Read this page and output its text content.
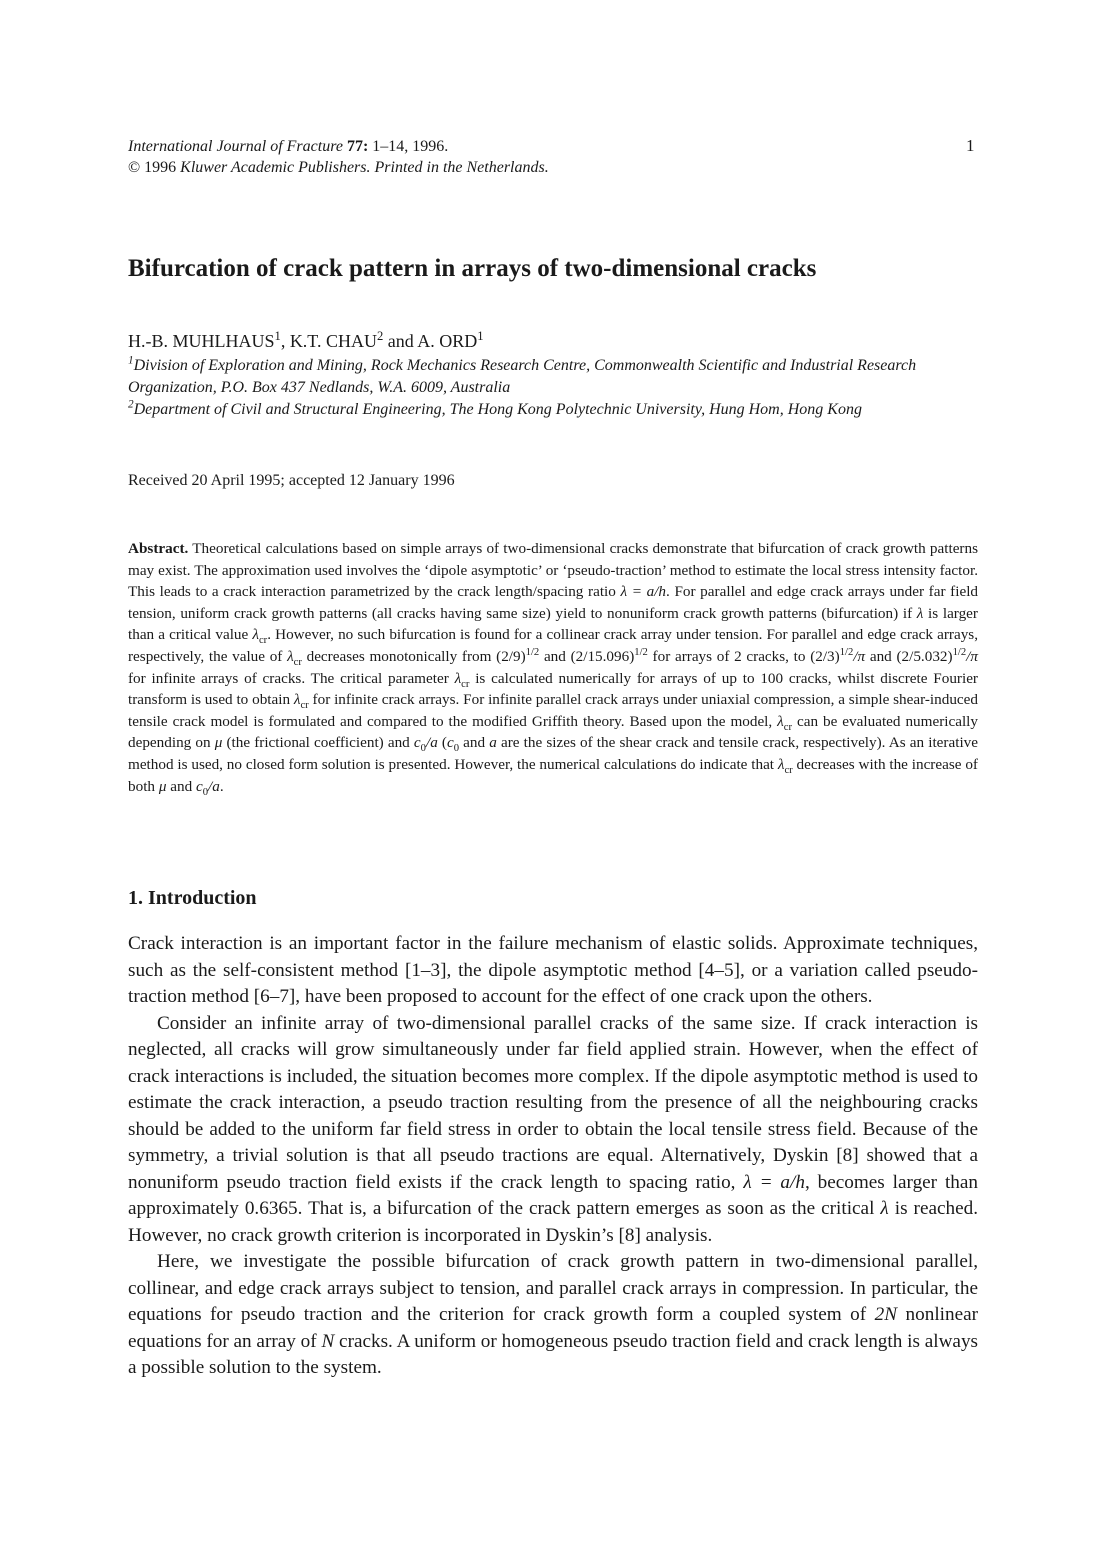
International Journal of Fracture 77: 1–14, 1996.
© 1996 Kluwer Academic Publishers. Printed in the Netherlands.
1
Bifurcation of crack pattern in arrays of two-dimensional cracks
H.-B. MUHLHAUS$^1$, K.T. CHAU$^2$ and A. ORD$^1$

$^1$Division of Exploration and Mining, Rock Mechanics Research Centre, Commonwealth Scientific and Industrial Research Organization, P.O. Box 437 Nedlands, W.A. 6009, Australia

$^2$Department of Civil and Structural Engineering, The Hong Kong Polytechnic University, Hung Hom, Hong Kong

Received 20 April 1995; accepted 12 January 1996

Abstract. Theoretical calculations based on simple arrays of two-dimensional cracks demonstrate that bifurcation of crack growth patterns may exist. The approximation used involves the ‘dipole asymptotic’ or ‘pseudo-traction’ method to estimate the local stress intensity factor. This leads to a crack interaction parametrized by the crack length/spacing ratio λ = a/h. For parallel and edge crack arrays under far field tension, uniform crack growth patterns (all cracks having same size) yield to nonuniform crack growth patterns (bifurcation) if λ is larger than a critical value $\lambda_{cr}$. However, no such bifurcation is found for a collinear crack array under tension. For parallel and edge crack arrays, respectively, the value of $\lambda_{cr}$ decreases monotonically from $(2/9)^{1/2}$ and $(2/15.096)^{1/2}$ for arrays of 2 cracks, to $(2/3)^{1/2}/\pi$ and $(2/5.032)^{1/2}/\pi$ for infinite arrays of cracks. The critical parameter $\lambda_{cr}$ is calculated numerically for arrays of up to 100 cracks, whilst discrete Fourier transform is used to obtain $\lambda_{cr}$ for infinite crack arrays. For infinite parallel crack arrays under uniaxial compression, a simple shear-induced tensile crack model is formulated and compared to the modified Griffith theory. Based upon the model, $\lambda_{cr}$ can be evaluated numerically depending on μ (the frictional coefficient) and $c_0/a$ ($c_0$ and a are the sizes of the shear crack and tensile crack, respectively). As an iterative method is used, no closed form solution is presented. However, the numerical calculations do indicate that $\lambda_{cr}$ decreases with the increase of both μ and $c_0/a$.

1. Introduction

Crack interaction is an important factor in the failure mechanism of elastic solids. Approximate techniques, such as the self-consistent method [1–3], the dipole asymptotic method [4–5], or a variation called pseudo-traction method [6–7], have been proposed to account for the effect of one crack upon the others.

Consider an infinite array of two-dimensional parallel cracks of the same size. If crack interaction is neglected, all cracks will grow simultaneously under far field applied strain. However, when the effect of crack interactions is included, the situation becomes more complex. If the dipole asymptotic method is used to estimate the crack interaction, a pseudo traction resulting from the presence of all the neighbouring cracks should be added to the uniform far field stress in order to obtain the local tensile stress field. Because of the symmetry, a trivial solution is that all pseudo tractions are equal. Alternatively, Dyskin [8] showed that a nonuniform pseudo traction field exists if the crack length to spacing ratio, λ = a/h, becomes larger than approximately 0.6365. That is, a bifurcation of the crack pattern emerges as soon as the critical λ is reached. However, no crack growth criterion is incorporated in Dyskin’s [8] analysis.

Here, we investigate the possible bifurcation of crack growth pattern in two-dimensional parallel, collinear, and edge crack arrays subject to tension, and parallel crack arrays in compression. In particular, the equations for pseudo traction and the criterion for crack growth form a coupled system of 2N nonlinear equations for an array of N cracks. A uniform or homogeneous pseudo traction field and crack length is always a possible solution to the system.
